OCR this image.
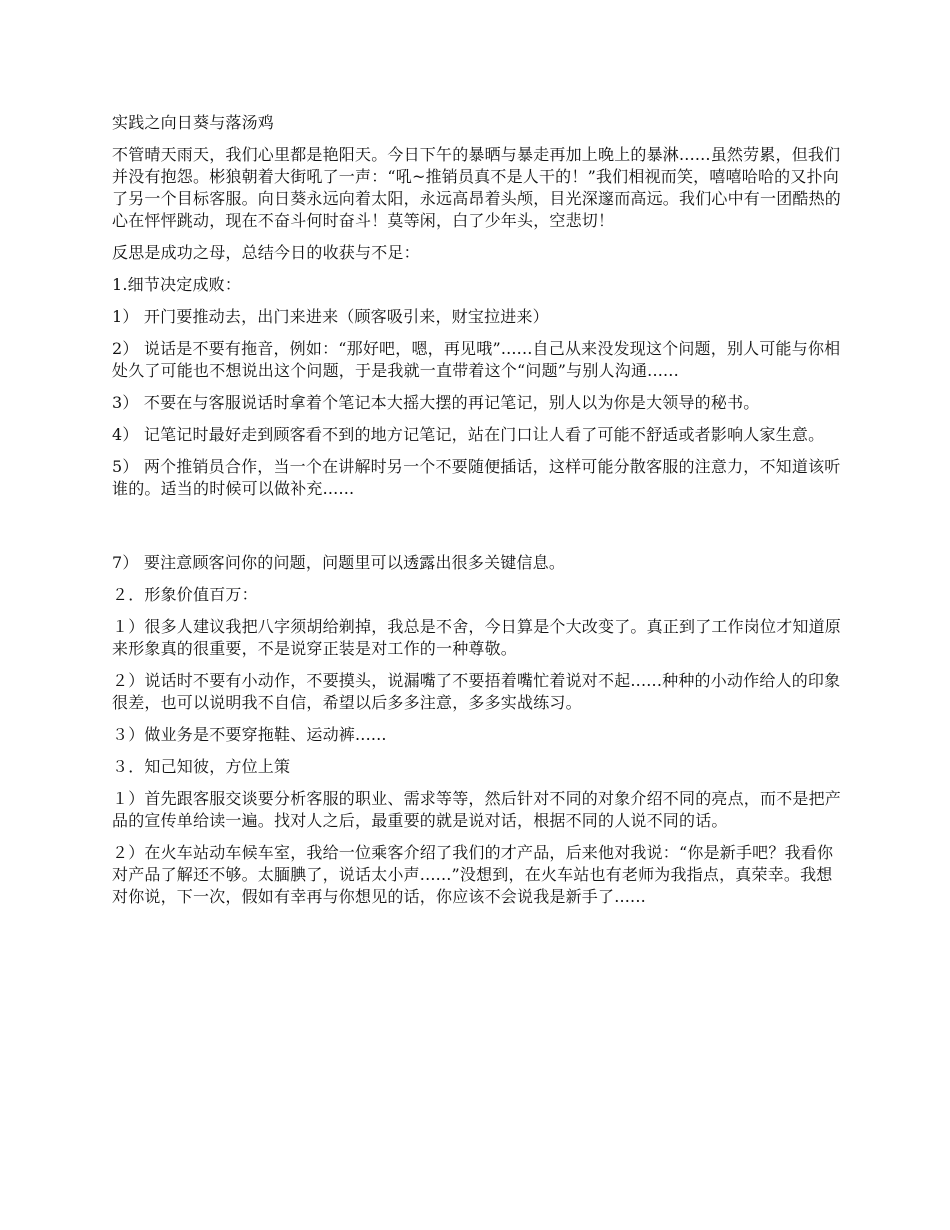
实践之向日葵与落汤鸡

不管晴天雨天，我们心里都是艳阳天。今日下午的暴晒与暴走再加上晚上的暴淋......虽然劳累，但我们并没有抱怨。彬狼朝着大街吼了一声：“吼~推销员真不是人干的！”我们相视而笑，嘻嘻哈哈的又扑向了另一个目标客服。向日葵永远向着太阳，永远高昂着头颅，目光深邃而高远。我们心中有一团酷热的心在怦怦跳动，现在不奋斗何时奋斗！莫等闲，白了少年头，空悲切！

反思是成功之母，总结今日的收获与不足：

1.细节决定成败：

1） 开门要推动去，出门来进来（顾客吸引来，财宝拉进来）

2） 说话是不要有拖音，例如：“那好吧，嗯，再见哦”......自己从来没发现这个问题，别人可能与你相处久了可能也不想说出这个问题，于是我就一直带着这个“问题”与别人沟通......

3） 不要在与客服说话时拿着个笔记本大摇大摆的再记笔记，别人以为你是大领导的秘书。

4） 记笔记时最好走到顾客看不到的地方记笔记，站在门口让人看了可能不舒适或者影响人家生意。

5） 两个推销员合作，当一个在讲解时另一个不要随便插话，这样可能分散客服的注意力，不知道该听谁的。适当的时候可以做补充......

7） 要注意顾客问你的问题，问题里可以透露出很多关键信息。

２．形象价值百万：

１）很多人建议我把八字须胡给剃掉，我总是不舍，今日算是个大改变了。真正到了工作岗位才知道原来形象真的很重要，不是说穿正装是对工作的一种尊敬。

２）说话时不要有小动作，不要摸头，说漏嘴了不要捂着嘴忙着说对不起......种种的小动作给人的印象很差，也可以说明我不自信，希望以后多多注意，多多实战练习。

３）做业务是不要穿拖鞋、运动裤......

３．知己知彼，方位上策

１）首先跟客服交谈要分析客服的职业、需求等等，然后针对不同的对象介绍不同的亮点，而不是把产品的宣传单给读一遍。找对人之后，最重要的就是说对话，根据不同的人说不同的话。

２）在火车站动车候车室，我给一位乘客介绍了我们的才产品，后来他对我说：“你是新手吧？我看你对产品了解还不够。太腼腆了，说话太小声......”没想到，在火车站也有老师为我指点，真荣幸。我想对你说，下一次，假如有幸再与你想见的话，你应该不会说我是新手了......
